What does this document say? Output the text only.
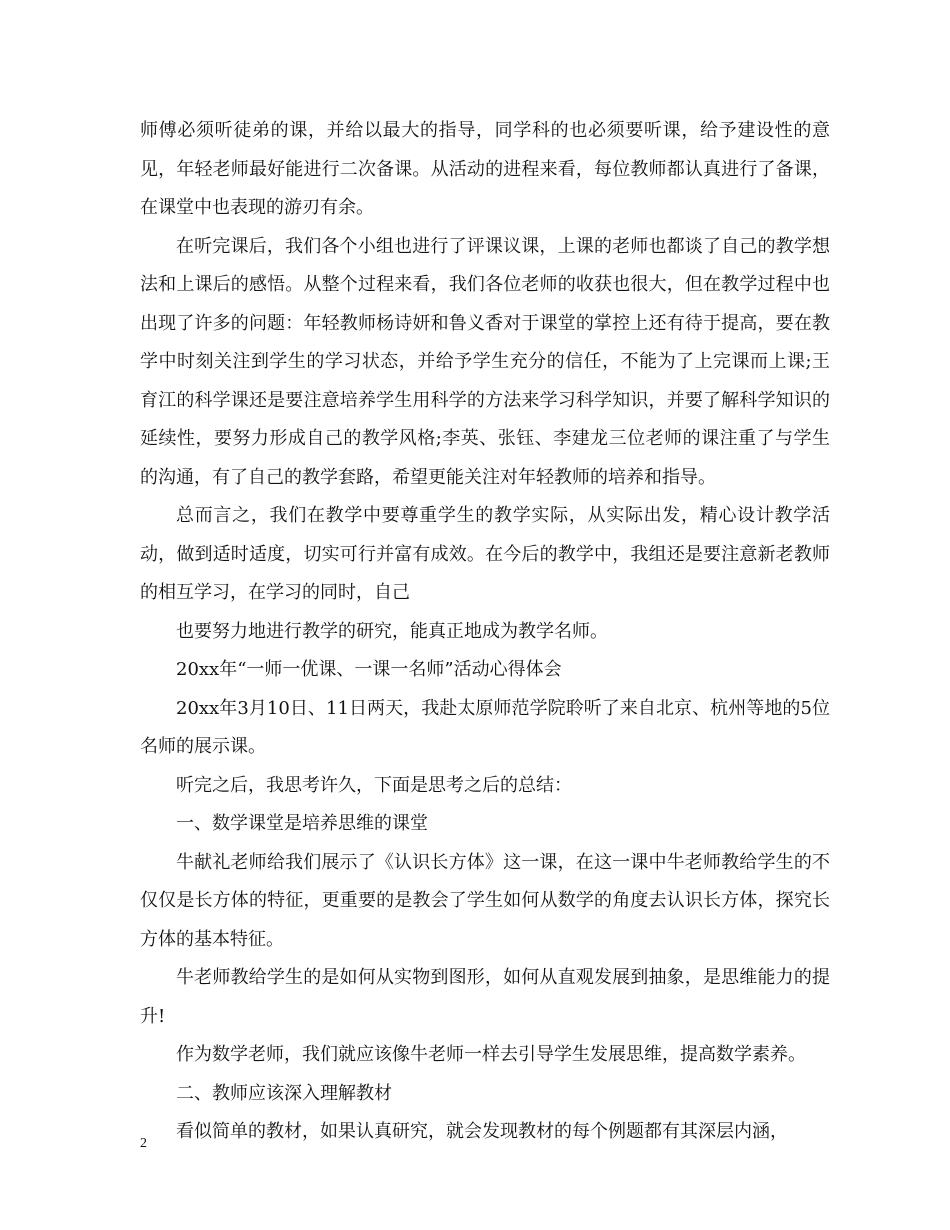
师傅必须听徒弟的课，并给以最大的指导，同学科的也必须要听课，给予建设性的意见，年轻老师最好能进行二次备课。从活动的进程来看，每位教师都认真进行了备课，在课堂中也表现的游刃有余。

在听完课后，我们各个小组也进行了评课议课，上课的老师也都谈了自己的教学想法和上课后的感悟。从整个过程来看，我们各位老师的收获也很大，但在教学过程中也出现了许多的问题：年轻教师杨诗妍和鲁义香对于课堂的掌控上还有待于提高，要在教学中时刻关注到学生的学习状态，并给予学生充分的信任，不能为了上完课而上课;王育江的科学课还是要注意培养学生用科学的方法来学习科学知识，并要了解科学知识的延续性，要努力形成自己的教学风格;李英、张钰、李建龙三位老师的课注重了与学生的沟通，有了自己的教学套路，希望更能关注对年轻教师的培养和指导。

总而言之，我们在教学中要尊重学生的教学实际，从实际出发，精心设计教学活动，做到适时适度，切实可行并富有成效。在今后的教学中，我组还是要注意新老教师的相互学习，在学习的同时，自己

也要努力地进行教学的研究，能真正地成为教学名师。

20xx年“一师一优课、一课一名师”活动心得体会

20xx年3月10日、11日两天，我赴太原师范学院聆听了来自北京、杭州等地的5位名师的展示课。

听完之后，我思考许久，下面是思考之后的总结：

一、数学课堂是培养思维的课堂

牛献礼老师给我们展示了《认识长方体》这一课，在这一课中牛老师教给学生的不仅仅是长方体的特征，更重要的是教会了学生如何从数学的角度去认识长方体，探究长方体的基本特征。

牛老师教给学生的是如何从实物到图形，如何从直观发展到抽象，是思维能力的提升!

作为数学老师，我们就应该像牛老师一样去引导学生发展思维，提高数学素养。

二、教师应该深入理解教材

看似简单的教材，如果认真研究，就会发现教材的每个例题都有其深层内涵，

2
